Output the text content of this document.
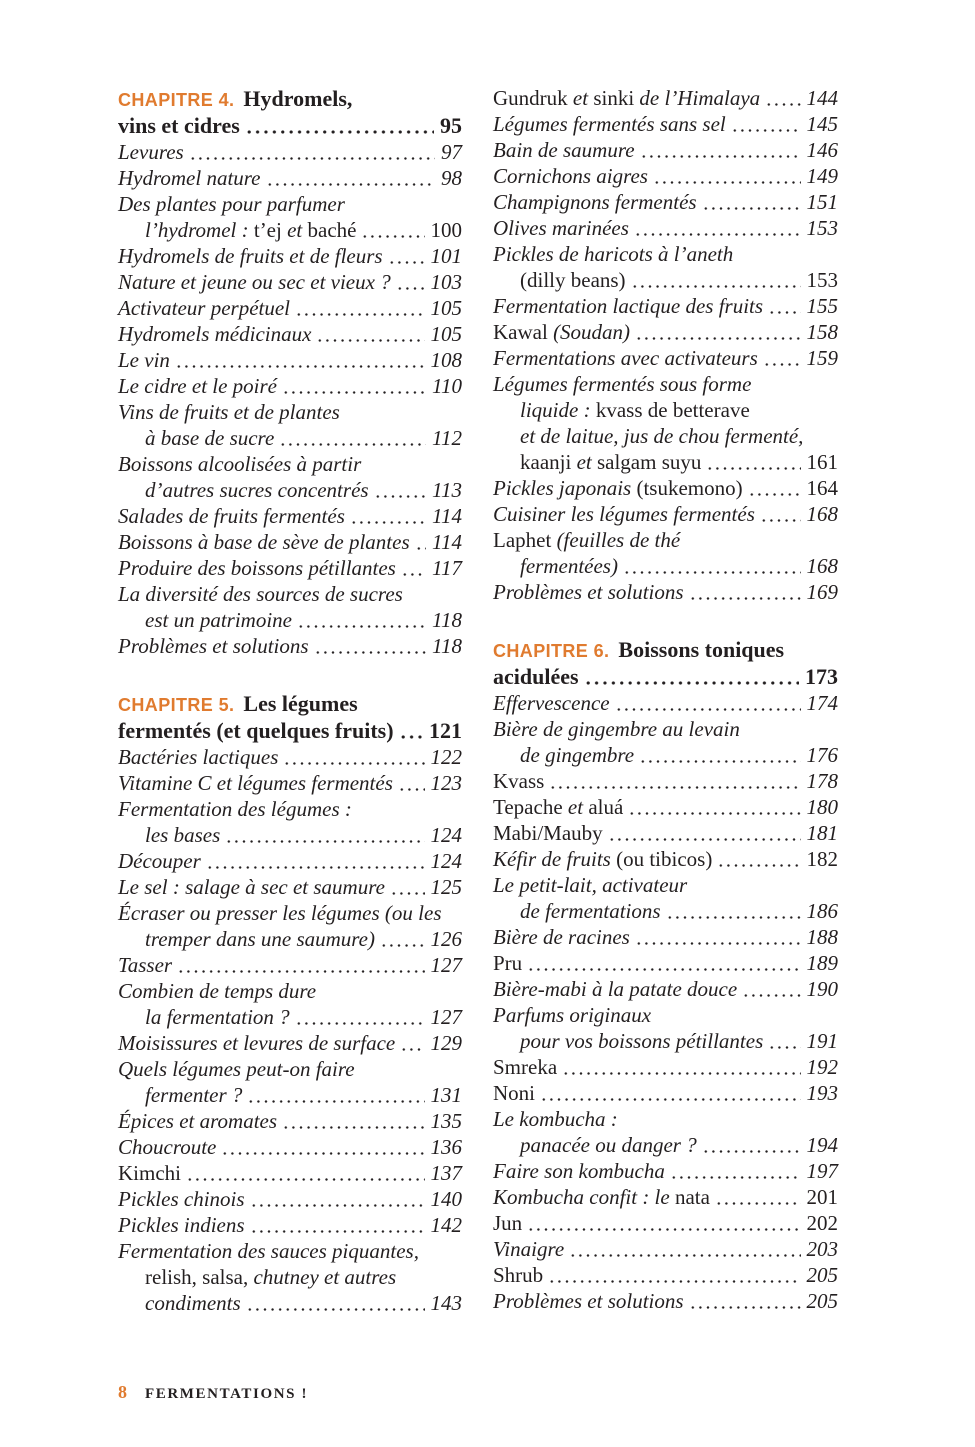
CHAPITRE 4. Hydromels,
vins et cidres	95
Levures	97
Hydromel nature	98
Des plantes pour parfumer
l’hydromel : t’ej et baché	100
Hydromels de fruits et de fleurs 101
Nature et jeune ou sec et vieux ? 103
Activateur perpétuel	105
Hydromels médicinaux	105
Le vin	108
Le cidre et le poiré	110
Vins de fruits et de plantes
à base de sucre	112
Boissons alcoolisées à partir
d’autres sucres concentrés	113
Salades de fruits fermentés	114
Boissons à base de sève de plantes 114
Produire des boissons pétillantes 117
La diversité des sources de sucres
est un patrimoine	118
Problèmes et solutions	118
CHAPITRE 5. Les légumes
fermentés (et quelques fruits) 121
Bactéries lactiques	122
Vitamine C et légumes fermentés 123
Fermentation des légumes :
les bases	124
Découper	124
Le sel : salage à sec et saumure 125
Écraser ou presser les légumes (ou les
tremper dans une saumure)	126
Tasser	127
Combien de temps dure
la fermentation ?	127
Moisissures et levures de surface 129
Quels légumes peut-on faire
fermenter ?	131
Épices et aromates	135
Choucroute	136
Kimchi	137
Pickles chinois	140
Pickles indiens	142
Fermentation des sauces piquantes,
relish, salsa, chutney et autres
condiments	143
Gundruk et sinki de l’Himalaya 144
Légumes fermentés sans sel	145
Bain de saumure	146
Cornichons aigres	149
Champignons fermentés	151
Olives marinées	153
Pickles de haricots à l’aneth
(dilly beans)	153
Fermentation lactique des fruits 155
Kawal (Soudan)	158
Fermentations avec activateurs 159
Légumes fermentés sous forme
liquide : kvass de betterave
et de laitue, jus de chou fermenté,
kaanji et salgam suyu	161
Pickles japonais (tsukemono)	164
Cuisiner les légumes fermentés 168
Laphet (feuilles de thé
fermentées)	168
Problèmes et solutions	169
CHAPITRE 6. Boissons toniques
acidulées	173
Effervescence	174
Bière de gingembre au levain
de gingembre	176
Kvass	178
Tepache et aluá	180
Mabi/Mauby	181
Kéfir de fruits (ou tibicos)	182
Le petit-lait, activateur
de fermentations	186
Bière de racines	188
Pru	189
Bière-mabi à la patate douce	190
Parfums originaux
pour vos boissons pétillantes 191
Smreka	192
Noni	193
Le kombucha :
panacée ou danger ?	194
Faire son kombucha	197
Kombucha confit : le nata	201
Jun	202
Vinaigre	203
Shrub	205
Problèmes et solutions	205
8 FERMENTATIONS !
